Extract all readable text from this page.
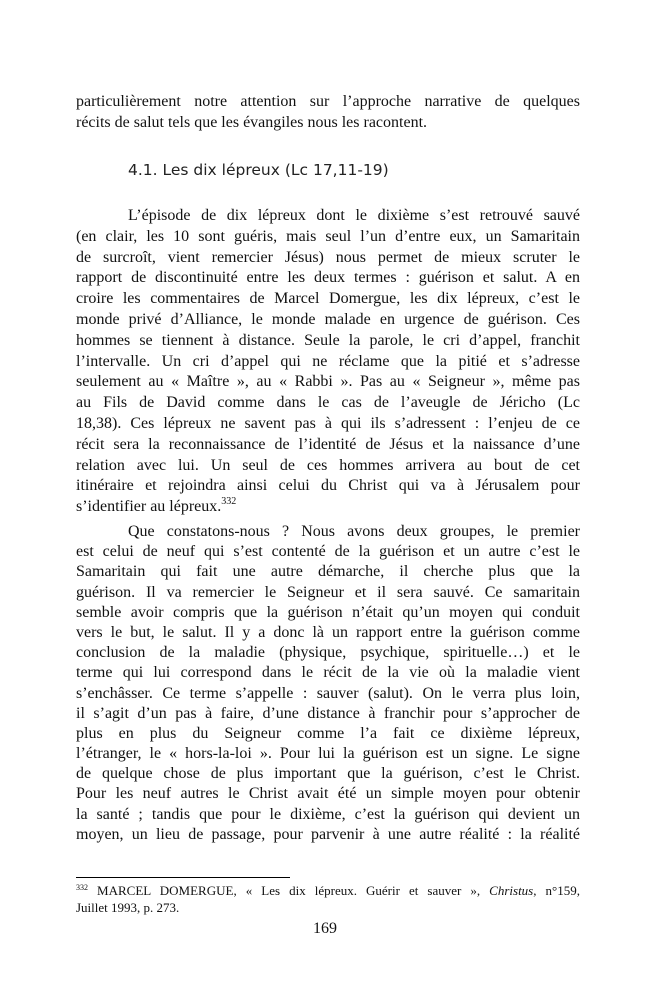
particulièrement notre attention sur l’approche narrative de quelques
récits de salut tels que les évangiles nous les racontent.
4.1. Les dix lépreux (Lc 17,11-19)
L’épisode de dix lépreux dont le dixième s’est retrouvé sauvé
(en clair, les 10 sont guéris, mais seul l’un d’entre eux, un Samaritain
de surcroît, vient remercier Jésus) nous permet de mieux scruter le
rapport de discontinuité entre les deux termes : guérison et salut. A en
croire les commentaires de Marcel Domergue, les dix lépreux, c’est le
monde privé d’Alliance, le monde malade en urgence de guérison. Ces
hommes se tiennent à distance. Seule la parole, le cri d’appel, franchit
l’intervalle. Un cri d’appel qui ne réclame que la pitié et s’adresse
seulement au « Maître », au « Rabbi ». Pas au « Seigneur », même pas
au Fils de David comme dans le cas de l’aveugle de Jéricho (Lc
18,38). Ces lépreux ne savent pas à qui ils s’adressent : l’enjeu de ce
récit sera la reconnaissance de l’identité de Jésus et la naissance d’une
relation avec lui. Un seul de ces hommes arrivera au bout de cet
itinéraire et rejoindra ainsi celui du Christ qui va à Jérusalem pour
s’identifier au lépreux.$^{332}$
Que constatons-nous ? Nous avons deux groupes, le premier
est celui de neuf qui s’est contenté de la guérison et un autre c’est le
Samaritain qui fait une autre démarche, il cherche plus que la
guérison. Il va remercier le Seigneur et il sera sauvé. Ce samaritain
semble avoir compris que la guérison n’était qu’un moyen qui conduit
vers le but, le salut. Il y a donc là un rapport entre la guérison comme
conclusion de la maladie (physique, psychique, spirituelle…) et le
terme qui lui correspond dans le récit de la vie où la maladie vient
s’enchâsser. Ce terme s’appelle : sauver (salut). On le verra plus loin,
il s’agit d’un pas à faire, d’une distance à franchir pour s’approcher de
plus en plus du Seigneur comme l’a fait ce dixième lépreux,
l’étranger, le « hors-la-loi ». Pour lui la guérison est un signe. Le signe
de quelque chose de plus important que la guérison, c’est le Christ.
Pour les neuf autres le Christ avait été un simple moyen pour obtenir
la santé ; tandis que pour le dixième, c’est la guérison qui devient un
moyen, un lieu de passage, pour parvenir à une autre réalité : la réalité
$^{332}$ MARCEL DOMERGUE, « Les dix lépreux. Guérir et sauver », Christus, n°159,
Juillet 1993, p. 273.
169
